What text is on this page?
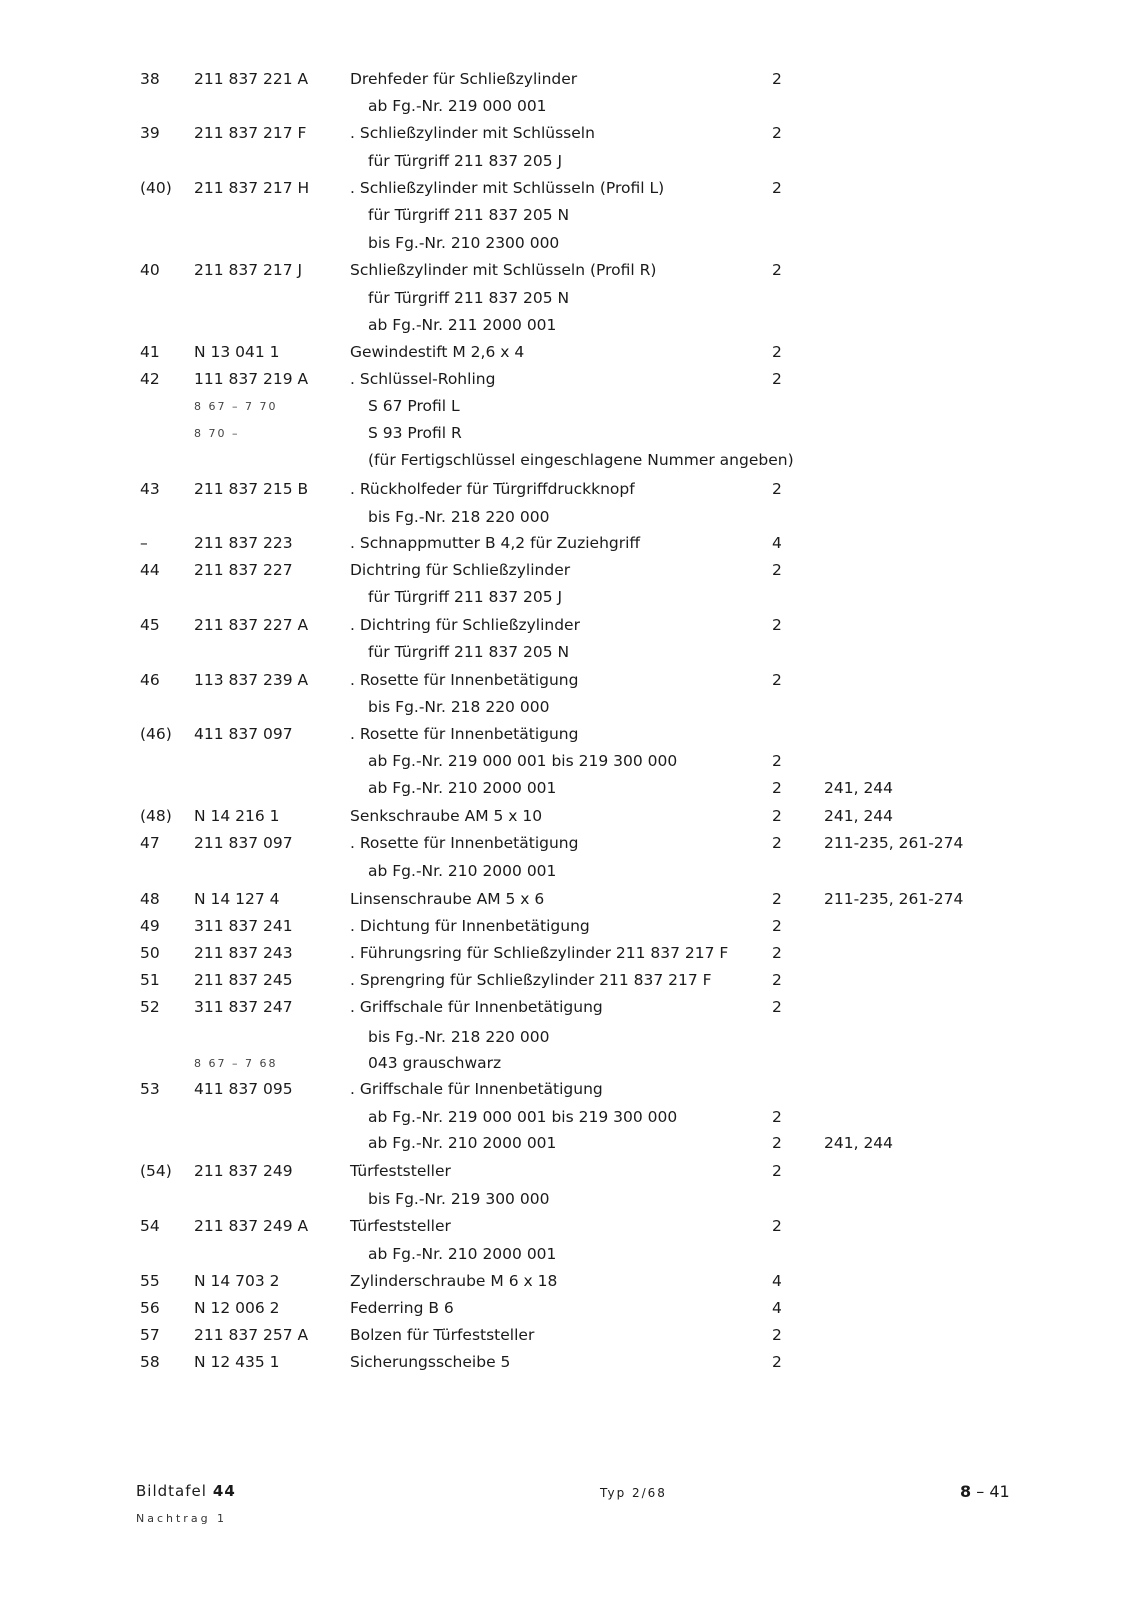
38 211 837 221 A	Drehfeder für Schließzylinder	2
ab Fg.-Nr. 219 000 001
39 211 837 217 F	. Schließzylinder mit Schlüsseln	2
für Türgriff 211 837 205 J
(40) 211 837 217 H	. Schließzylinder mit Schlüsseln (Profil L)	2
für Türgriff 211 837 205 N
bis Fg.-Nr. 210 2300 000
40 211 837 217 J	Schließzylinder mit Schlüsseln (Profil R)	2
für Türgriff 211 837 205 N
ab Fg.-Nr. 211 2000 001
41 N 13 041 1	Gewindestift M 2,6 x 4	2
42 111 837 219 A	. Schlüssel-Rohling	2
8 67 – 7 70	S 67 Profil L
8 70 –	S 93 Profil R
(für Fertigschlüssel eingeschlagene Nummer angeben)
43 211 837 215 B	. Rückholfeder für Türgriffdruckknopf	2
bis Fg.-Nr. 218 220 000
–	211 837 223	. Schnappmutter B 4,2 für Zuziehgriff	4
44 211 837 227	Dichtring für Schließzylinder	2
für Türgriff 211 837 205 J
45 211 837 227 A	. Dichtring für Schließzylinder	2
für Türgriff 211 837 205 N
46 113 837 239 A	. Rosette für Innenbetätigung	2
bis Fg.-Nr. 218 220 000
(46) 411 837 097	. Rosette für Innenbetätigung
ab Fg.-Nr. 219 000 001 bis 219 300 000	2
ab Fg.-Nr. 210 2000 001	2	241, 244
(48) N 14 216 1	Senkschraube AM 5 x 10	2	241, 244
47 211 837 097	. Rosette für Innenbetätigung	2	211-235, 261-274
ab Fg.-Nr. 210 2000 001
48 N 14 127 4	Linsenschraube AM 5 x 6	2	211-235, 261-274
49 311 837 241	. Dichtung für Innenbetätigung	2
50 211 837 243	. Führungsring für Schließzylinder 211 837 217 F	2
51 211 837 245	. Sprengring für Schließzylinder 211 837 217 F	2
52 311 837 247	. Griffschale für Innenbetätigung	2
bis Fg.-Nr. 218 220 000
8 67 – 7 68	043 grauschwarz
53 411 837 095	. Griffschale für Innenbetätigung
ab Fg.-Nr. 219 000 001 bis 219 300 000	2
ab Fg.-Nr. 210 2000 001	2	241, 244
(54) 211 837 249	Türfeststeller	2
bis Fg.-Nr. 219 300 000
54 211 837 249 A	Türfeststeller	2
ab Fg.-Nr. 210 2000 001
55 N 14 703 2	Zylinderschraube M 6 x 18	4
56 N 12 006 2	Federring B 6	4
57 211 837 257 A	Bolzen für Türfeststeller	2
58 N 12 435 1	Sicherungsscheibe 5	2
Bildtafel 44
Nachtrag 1
Typ 2/68	8 – 41
